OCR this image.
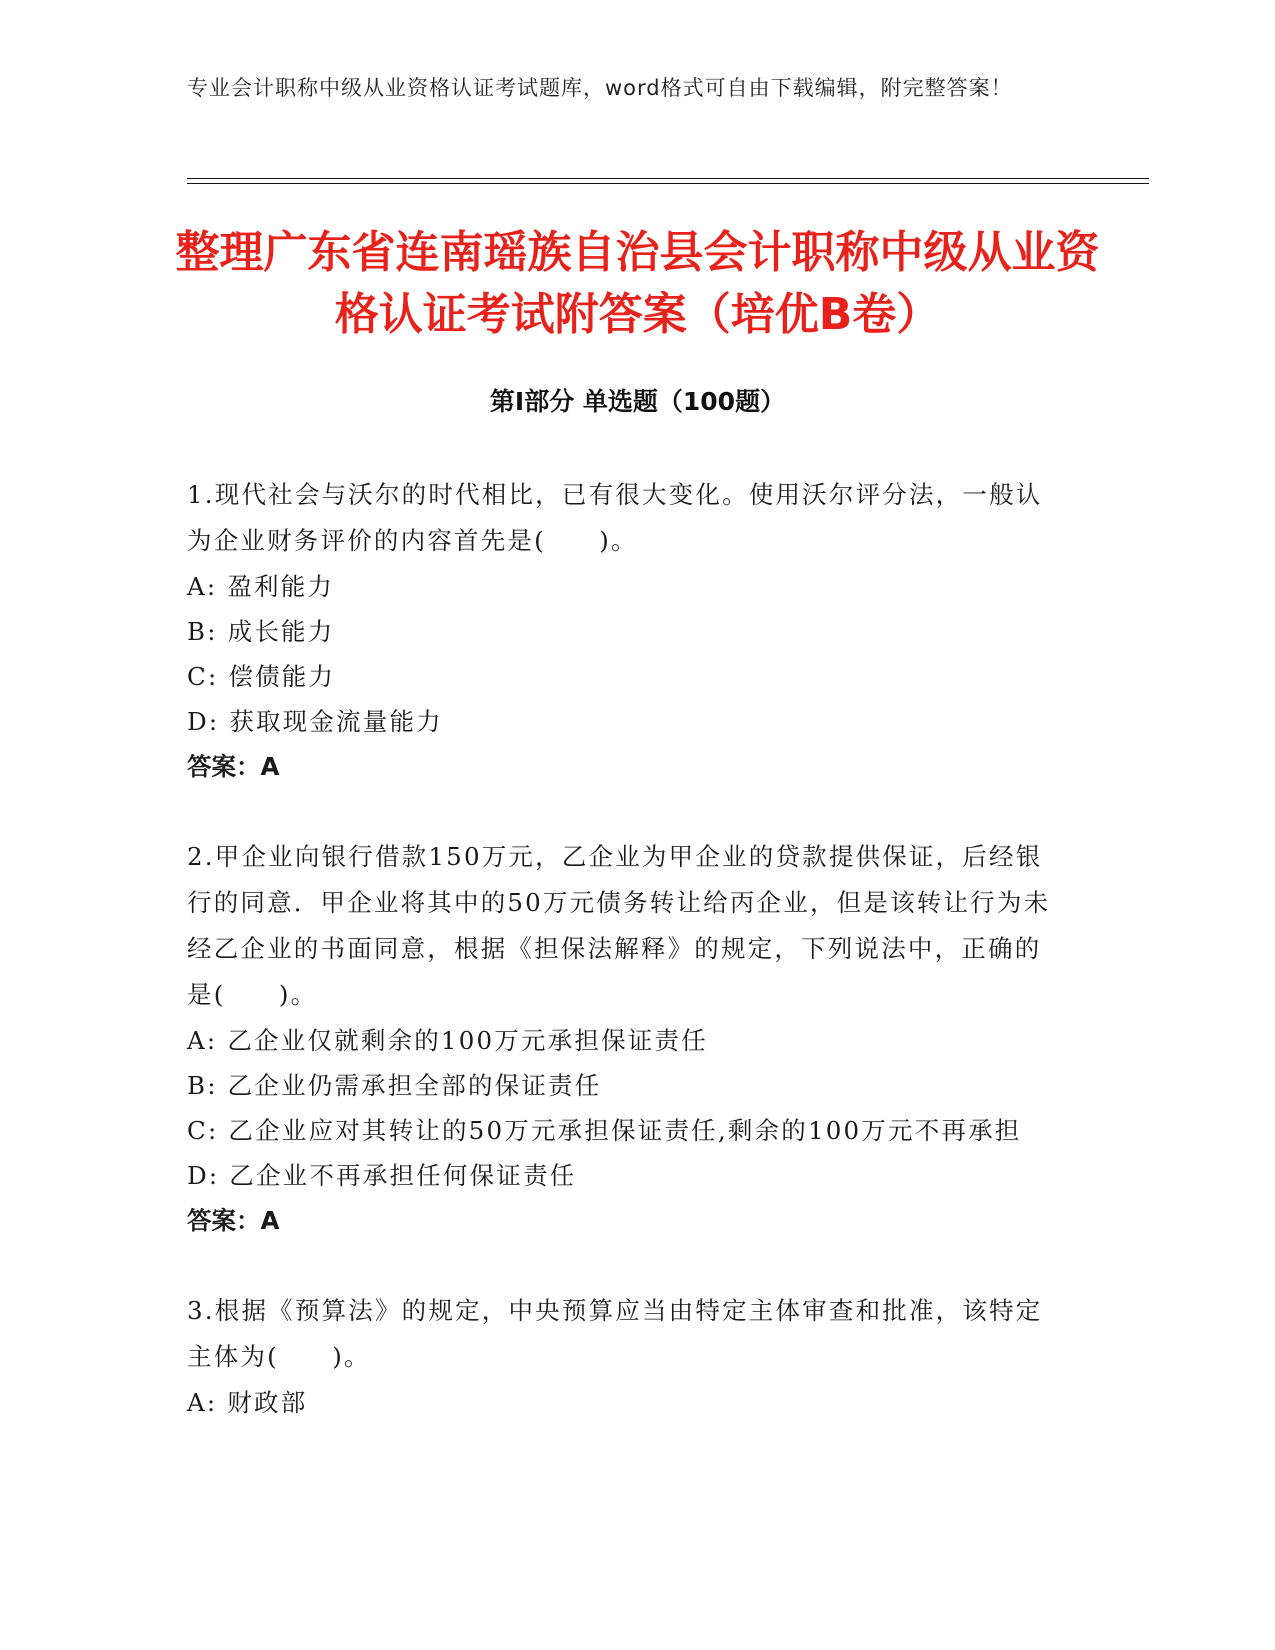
专业会计职称中级从业资格认证考试题库，word格式可自由下载编辑，附完整答案！
整理广东省连南瑶族自治县会计职称中级从业资格认证考试附答案（培优B卷）
第Ⅰ部分 单选题（100题）
1.现代社会与沃尔的时代相比，已有很大变化。使用沃尔评分法，一般认为企业财务评价的内容首先是(　　)。
A: 盈利能力
B: 成长能力
C: 偿债能力
D: 获取现金流量能力
答案：A
2.甲企业向银行借款150万元，乙企业为甲企业的贷款提供保证，后经银行的同意．甲企业将其中的50万元债务转让给丙企业，但是该转让行为未经乙企业的书面同意，根据《担保法解释》的规定，下列说法中，正确的是(　　)。
A: 乙企业仅就剩余的100万元承担保证责任
B: 乙企业仍需承担全部的保证责任
C: 乙企业应对其转让的50万元承担保证责任,剩余的100万元不再承担
D: 乙企业不再承担任何保证责任
答案：A
3.根据《预算法》的规定，中央预算应当由特定主体审查和批准，该特定主体为(　　)。
A: 财政部
